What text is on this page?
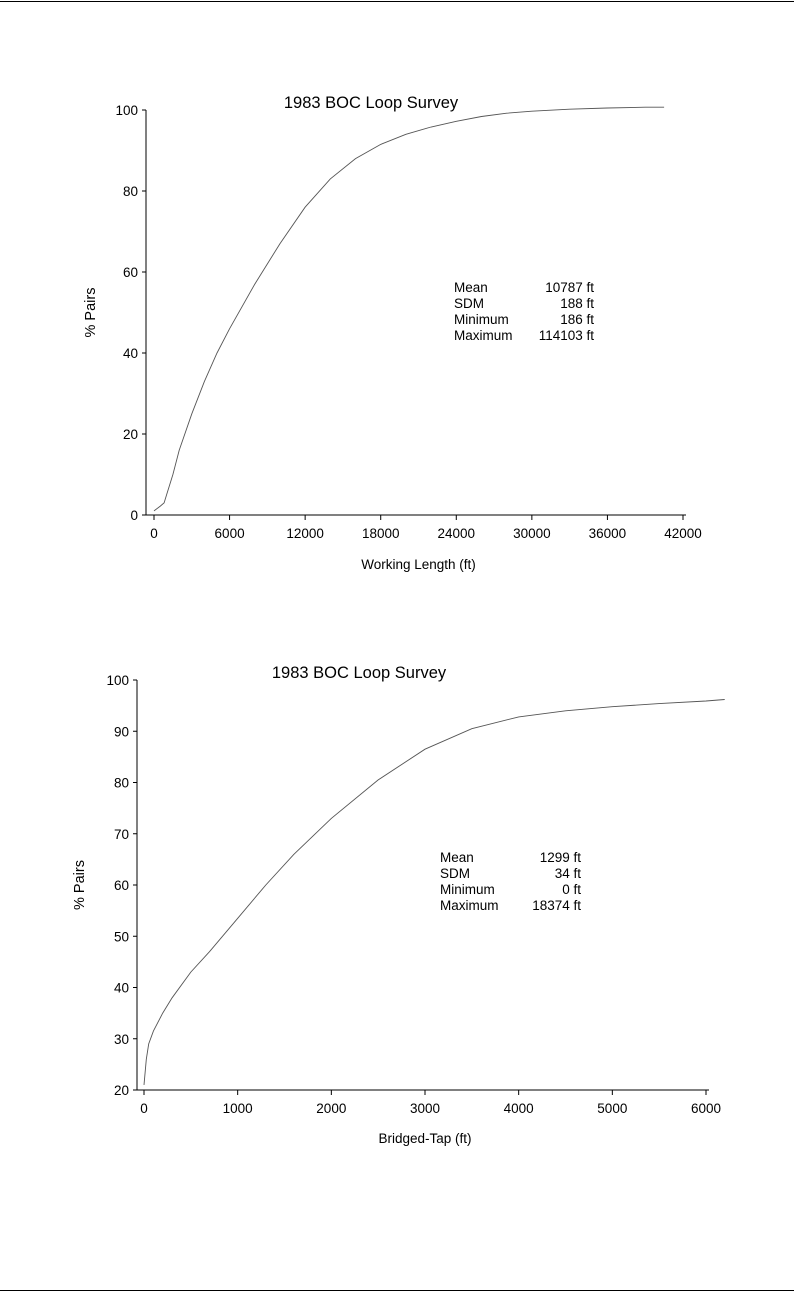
1983 BOC Loop Survey
0
20
40
60
80
100
0	6000	12000	18000	24000	30000	36000	42000
Working Length (ft)
% Pairs
Mean	10787 ft
SDM	188 ft
Minimum	186 ft
Maximum 114103 ft
1983 BOC Loop Survey
20
30
40
50
60
70
80
90
100
0	1000	2000	3000	4000	5000	6000
Bridged-Tap (ft)
% Pairs
Mean	1299 ft
SDM	34 ft
Minimum	0 ft
Maximum 18374 ft
